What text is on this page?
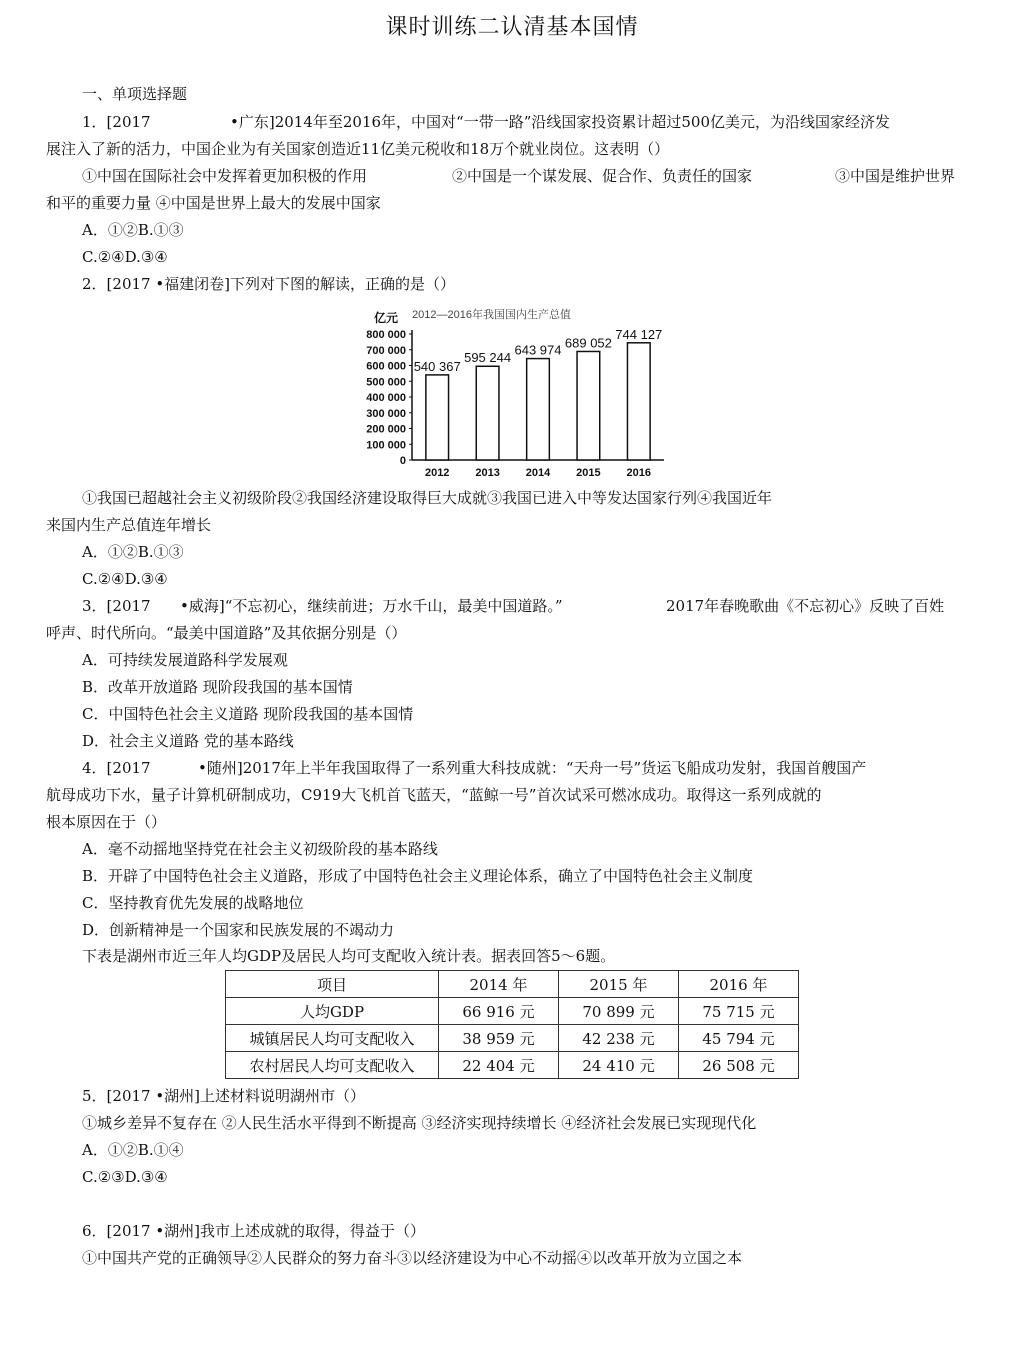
课时训练二认清基本国情
一、单项选择题
1．[2017	•广东]2014年至2016年，中国对“一带一路”沿线国家投资累计超过500亿美元，为沿线国家经济发
展注入了新的活力，中国企业为有关国家创造近11亿美元税收和18万个就业岗位。这表明（）
①中国在国际社会中发挥着更加积极的作用	②中国是一个谋发展、促合作、负责任的国家	③中国是维护世界
和平的重要力量 ④中国是世界上最大的发展中国家
A．①②B.①③
C.②④D.③④
2．[2017 •福建闭卷]下列对下图的解读，正确的是（）
2012—2016年我国国内生产总值
亿元
800 000
700 000
600 000
500 000
400 000
300 000
200 000
100 000
0
540 367
595 244
643 974 689 052
744 127
2012 2013 2014 2015 2016
①我国已超越社会主义初级阶段②我国经济建设取得巨大成就③我国已进入中等发达国家行列④我国近年
来国内生产总值连年增长
A．①②B.①③
C.②④D.③④
3．[2017 •威海]“不忘初心，继续前进；万水千山，最美中国道路。”	2017年春晚歌曲《不忘初心》反映了百姓
呼声、时代所向。“最美中国道路”及其依据分别是（）
A．可持续发展道路科学发展观
B．改革开放道路 现阶段我国的基本国情
C．中国特色社会主义道路 现阶段我国的基本国情
D．社会主义道路 党的基本路线
4．[2017	•随州]2017年上半年我国取得了一系列重大科技成就：“天舟一号”货运飞船成功发射，我国首艘国产
航母成功下水，量子计算机研制成功，C919大飞机首飞蓝天，“蓝鲸一号”首次试采可燃冰成功。取得这一系列成就的
根本原因在于（）
A．毫不动摇地坚持党在社会主义初级阶段的基本路线
B．开辟了中国特色社会主义道路，形成了中国特色社会主义理论体系，确立了中国特色社会主义制度
C．坚持教育优先发展的战略地位
D．创新精神是一个国家和民族发展的不竭动力
下表是湖州市近三年人均GDP及居民人均可支配收入统计表。据表回答5～6题。
项目	2014 年	2015 年	2016 年
人均GDP	66 916 元	70 899 元	75 715 元
城镇居民人均可支配收入	38 959 元	42 238 元	45 794 元
农村居民人均可支配收入	22 404 元	24 410 元	26 508 元
5．[2017 •湖州]上述材料说明湖州市（）
①城乡差异不复存在 ②人民生活水平得到不断提高 ③经济实现持续增长 ④经济社会发展已实现现代化
A．①②B.①④
C.②③D.③④
6．[2017 •湖州]我市上述成就的取得，得益于（）
①中国共产党的正确领导②人民群众的努力奋斗③以经济建设为中心不动摇④以改革开放为立国之本
